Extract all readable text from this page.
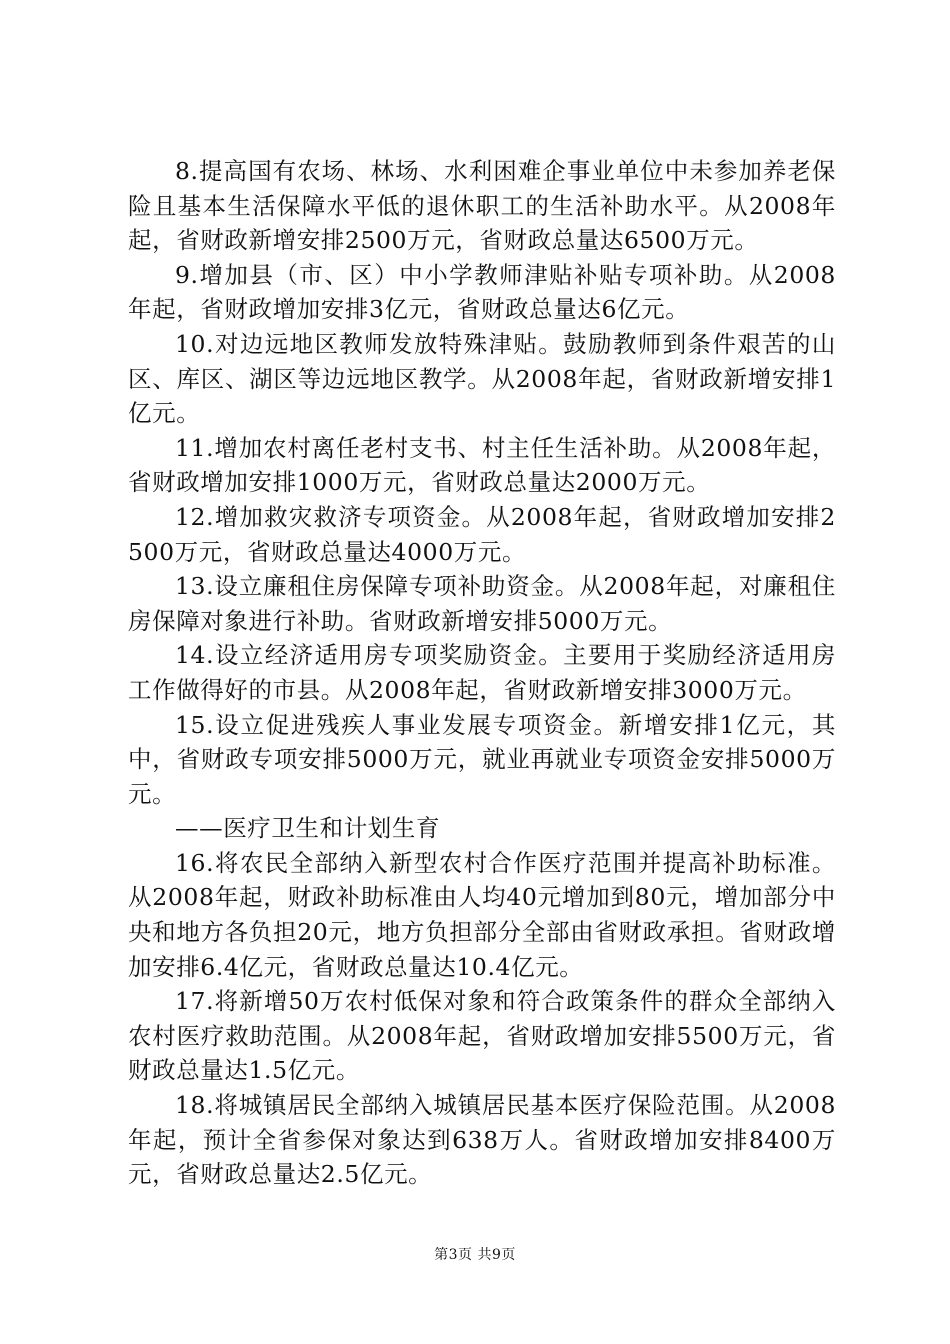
8.提高国有农场、林场、水利困难企事业单位中未参加养老保险且基本生活保障水平低的退休职工的生活补助水平。从2008年起，省财政新增安排2500万元，省财政总量达6500万元。

9.增加县（市、区）中小学教师津贴补贴专项补助。从2008年起，省财政增加安排3亿元，省财政总量达6亿元。

10.对边远地区教师发放特殊津贴。鼓励教师到条件艰苦的山区、库区、湖区等边远地区教学。从2008年起，省财政新增安排1亿元。

11.增加农村离任老村支书、村主任生活补助。从2008年起，省财政增加安排1000万元，省财政总量达2000万元。

12.增加救灾救济专项资金。从2008年起，省财政增加安排2500万元，省财政总量达4000万元。

13.设立廉租住房保障专项补助资金。从2008年起，对廉租住房保障对象进行补助。省财政新增安排5000万元。

14.设立经济适用房专项奖励资金。主要用于奖励经济适用房工作做得好的市县。从2008年起，省财政新增安排3000万元。

15.设立促进残疾人事业发展专项资金。新增安排1亿元，其中，省财政专项安排5000万元，就业再就业专项资金安排5000万元。

——医疗卫生和计划生育

16.将农民全部纳入新型农村合作医疗范围并提高补助标准。从2008年起，财政补助标准由人均40元增加到80元，增加部分中央和地方各负担20元，地方负担部分全部由省财政承担。省财政增加安排6.4亿元，省财政总量达10.4亿元。

17.将新增50万农村低保对象和符合政策条件的群众全部纳入农村医疗救助范围。从2008年起，省财政增加安排5500万元，省财政总量达1.5亿元。

18.将城镇居民全部纳入城镇居民基本医疗保险范围。从2008年起，预计全省参保对象达到638万人。省财政增加安排8400万元，省财政总量达2.5亿元。

第3页 共9页
